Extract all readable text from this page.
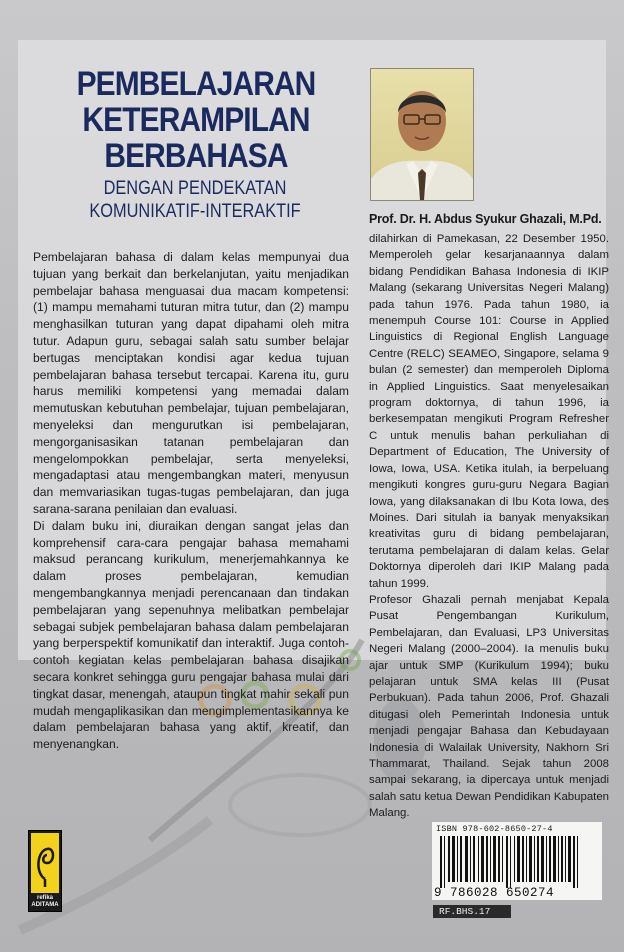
PEMBELAJARAN
KETERAMPILAN
BERBAHASA
DENGAN PENDEKATAN
KOMUNIKATIF-INTERAKTIF	Prof. Dr. H. Abdus Syukur Ghazali, M.Pd.

dilahirkan di Pamekasan, 22 Desember 1950. Memperoleh gelar kesarjanaannya dalam bidang Pendidikan Bahasa Indonesia di IKIP Malang (sekarang Universitas Negeri Malang) pada tahun 1976. Pada tahun 1980, ia menempuh Course 101: Course in Applied Linguistics di Regional English Language Centre (RELC) SEAMEO, Singapore, selama 9 bulan (2 semester) dan memperoleh Diploma in Applied Linguistics. Saat menyelesaikan program doktornya, di tahun 1996, ia berkesempatan mengikuti Program Refresher C untuk menulis bahan perkuliahan di Department of Education, The University of Iowa, Iowa, USA. Ketika itulah, ia berpeluang mengikuti kongres guru-guru Negara Bagian Iowa, yang dilaksanakan di Ibu Kota Iowa, des Moines. Dari situlah ia banyak menyaksikan kreativitas guru di bidang pembelajaran, terutama pembelajaran di dalam kelas. Gelar Doktornya diperoleh dari IKIP Malang pada tahun 1999.

Profesor Ghazali pernah menjabat Kepala Pusat Pengembangan Kurikulum, Pembelajaran, dan Evaluasi, LP3 Universitas Negeri Malang (2000–2004). Ia menulis buku ajar untuk SMP (Kurikulum 1994); buku pelajaran untuk SMA kelas III (Pusat Perbukuan). Pada tahun 2006, Prof. Ghazali ditugasi oleh Pemerintah Indonesia untuk menjadi pengajar Bahasa dan Kebudayaan Indonesia di Walailak University, Nakhorn Sri Thammarat, Thailand. Sejak tahun 2008 sampai sekarang, ia dipercaya untuk menjadi salah satu ketua Dewan Pendidikan Kabupaten Malang.

Pembelajaran bahasa di dalam kelas mempunyai dua tujuan yang berkait dan berkelanjutan, yaitu menjadikan pembelajar bahasa menguasai dua macam kompetensi: (1) mampu memahami tuturan mitra tutur, dan (2) mampu menghasilkan tuturan yang dapat dipahami oleh mitra tutur. Adapun guru, sebagai salah satu sumber belajar bertugas menciptakan kondisi agar kedua tujuan pembelajaran bahasa tersebut tercapai. Karena itu, guru harus memiliki kompetensi yang memadai dalam memutuskan kebutuhan pembelajar, tujuan pembelajaran, menyeleksi dan mengurutkan isi pembelajaran, mengorganisasikan tatanan pembelajaran dan mengelompokkan pembelajar, serta menyeleksi, mengadaptasi atau mengembangkan materi, menyusun dan memvariasikan tugas-tugas pembelajaran, dan juga sarana-sarana penilaian dan evaluasi.

Di dalam buku ini, diuraikan dengan sangat jelas dan komprehensif cara-cara pengajar bahasa memahami maksud perancang kurikulum, menerjemahkannya ke dalam proses pembelajaran, kemudian mengembangkannya menjadi perencanaan dan tindakan pembelajaran yang sepenuhnya melibatkan pembelajar sebagai subjek pembelajaran bahasa dalam pembelajaran yang berperspektif komunikatif dan interaktif. Juga contoh-contoh kegiatan kelas pembelajaran bahasa disajikan secara konkret sehingga guru pengajar bahasa mulai dari tingkat dasar, menengah, ataupun tingkat mahir sekali pun mudah mengaplikasikan dan mengimplementasikannya ke dalam pembelajaran bahasa yang aktif, kreatif, dan menyenangkan.

refika
ADITAMA
ISBN 978-602-8650-27-4
9 786028 650274
RF.BHS.17
